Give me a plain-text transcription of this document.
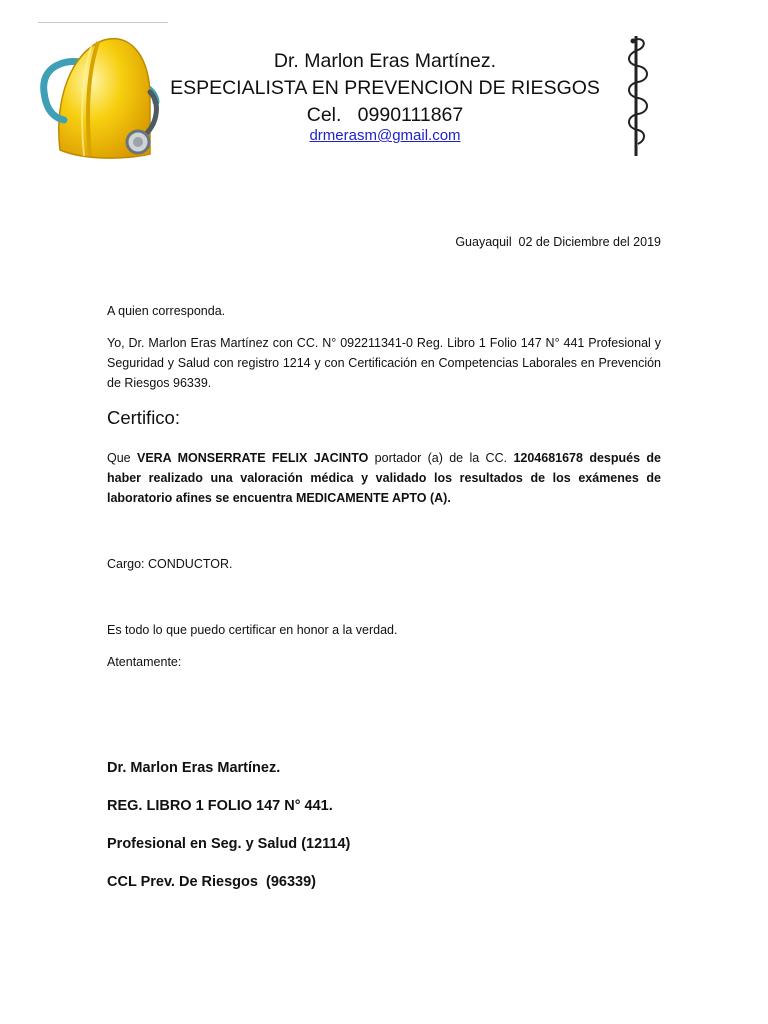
Dr. Marlon Eras Martínez.
ESPECIALISTA EN PREVENCION DE RIESGOS
Cel.   0990111867
drmerasm@gmail.com
Guayaquil  02 de Diciembre del 2019
A quien corresponda.
Yo, Dr. Marlon Eras Martínez con CC. N° 092211341-0 Reg. Libro 1 Folio 147 N° 441 Profesional y Seguridad y Salud con registro 1214 y con Certificación en Competencias Laborales en Prevención de Riesgos 96339.
Certifico:
Que VERA MONSERRATE FELIX JACINTO portador (a) de la CC. 1204681678 después de haber realizado una valoración médica y validado los resultados de los exámenes de laboratorio afines se encuentra MEDICAMENTE APTO (A).
Cargo: CONDUCTOR.
Es todo lo que puedo certificar en honor a la verdad.
Atentamente:
Dr. Marlon Eras Martínez.
REG. LIBRO 1 FOLIO 147 N° 441.
Profesional en Seg. y Salud (12114)
CCL Prev. De Riesgos  (96339)
